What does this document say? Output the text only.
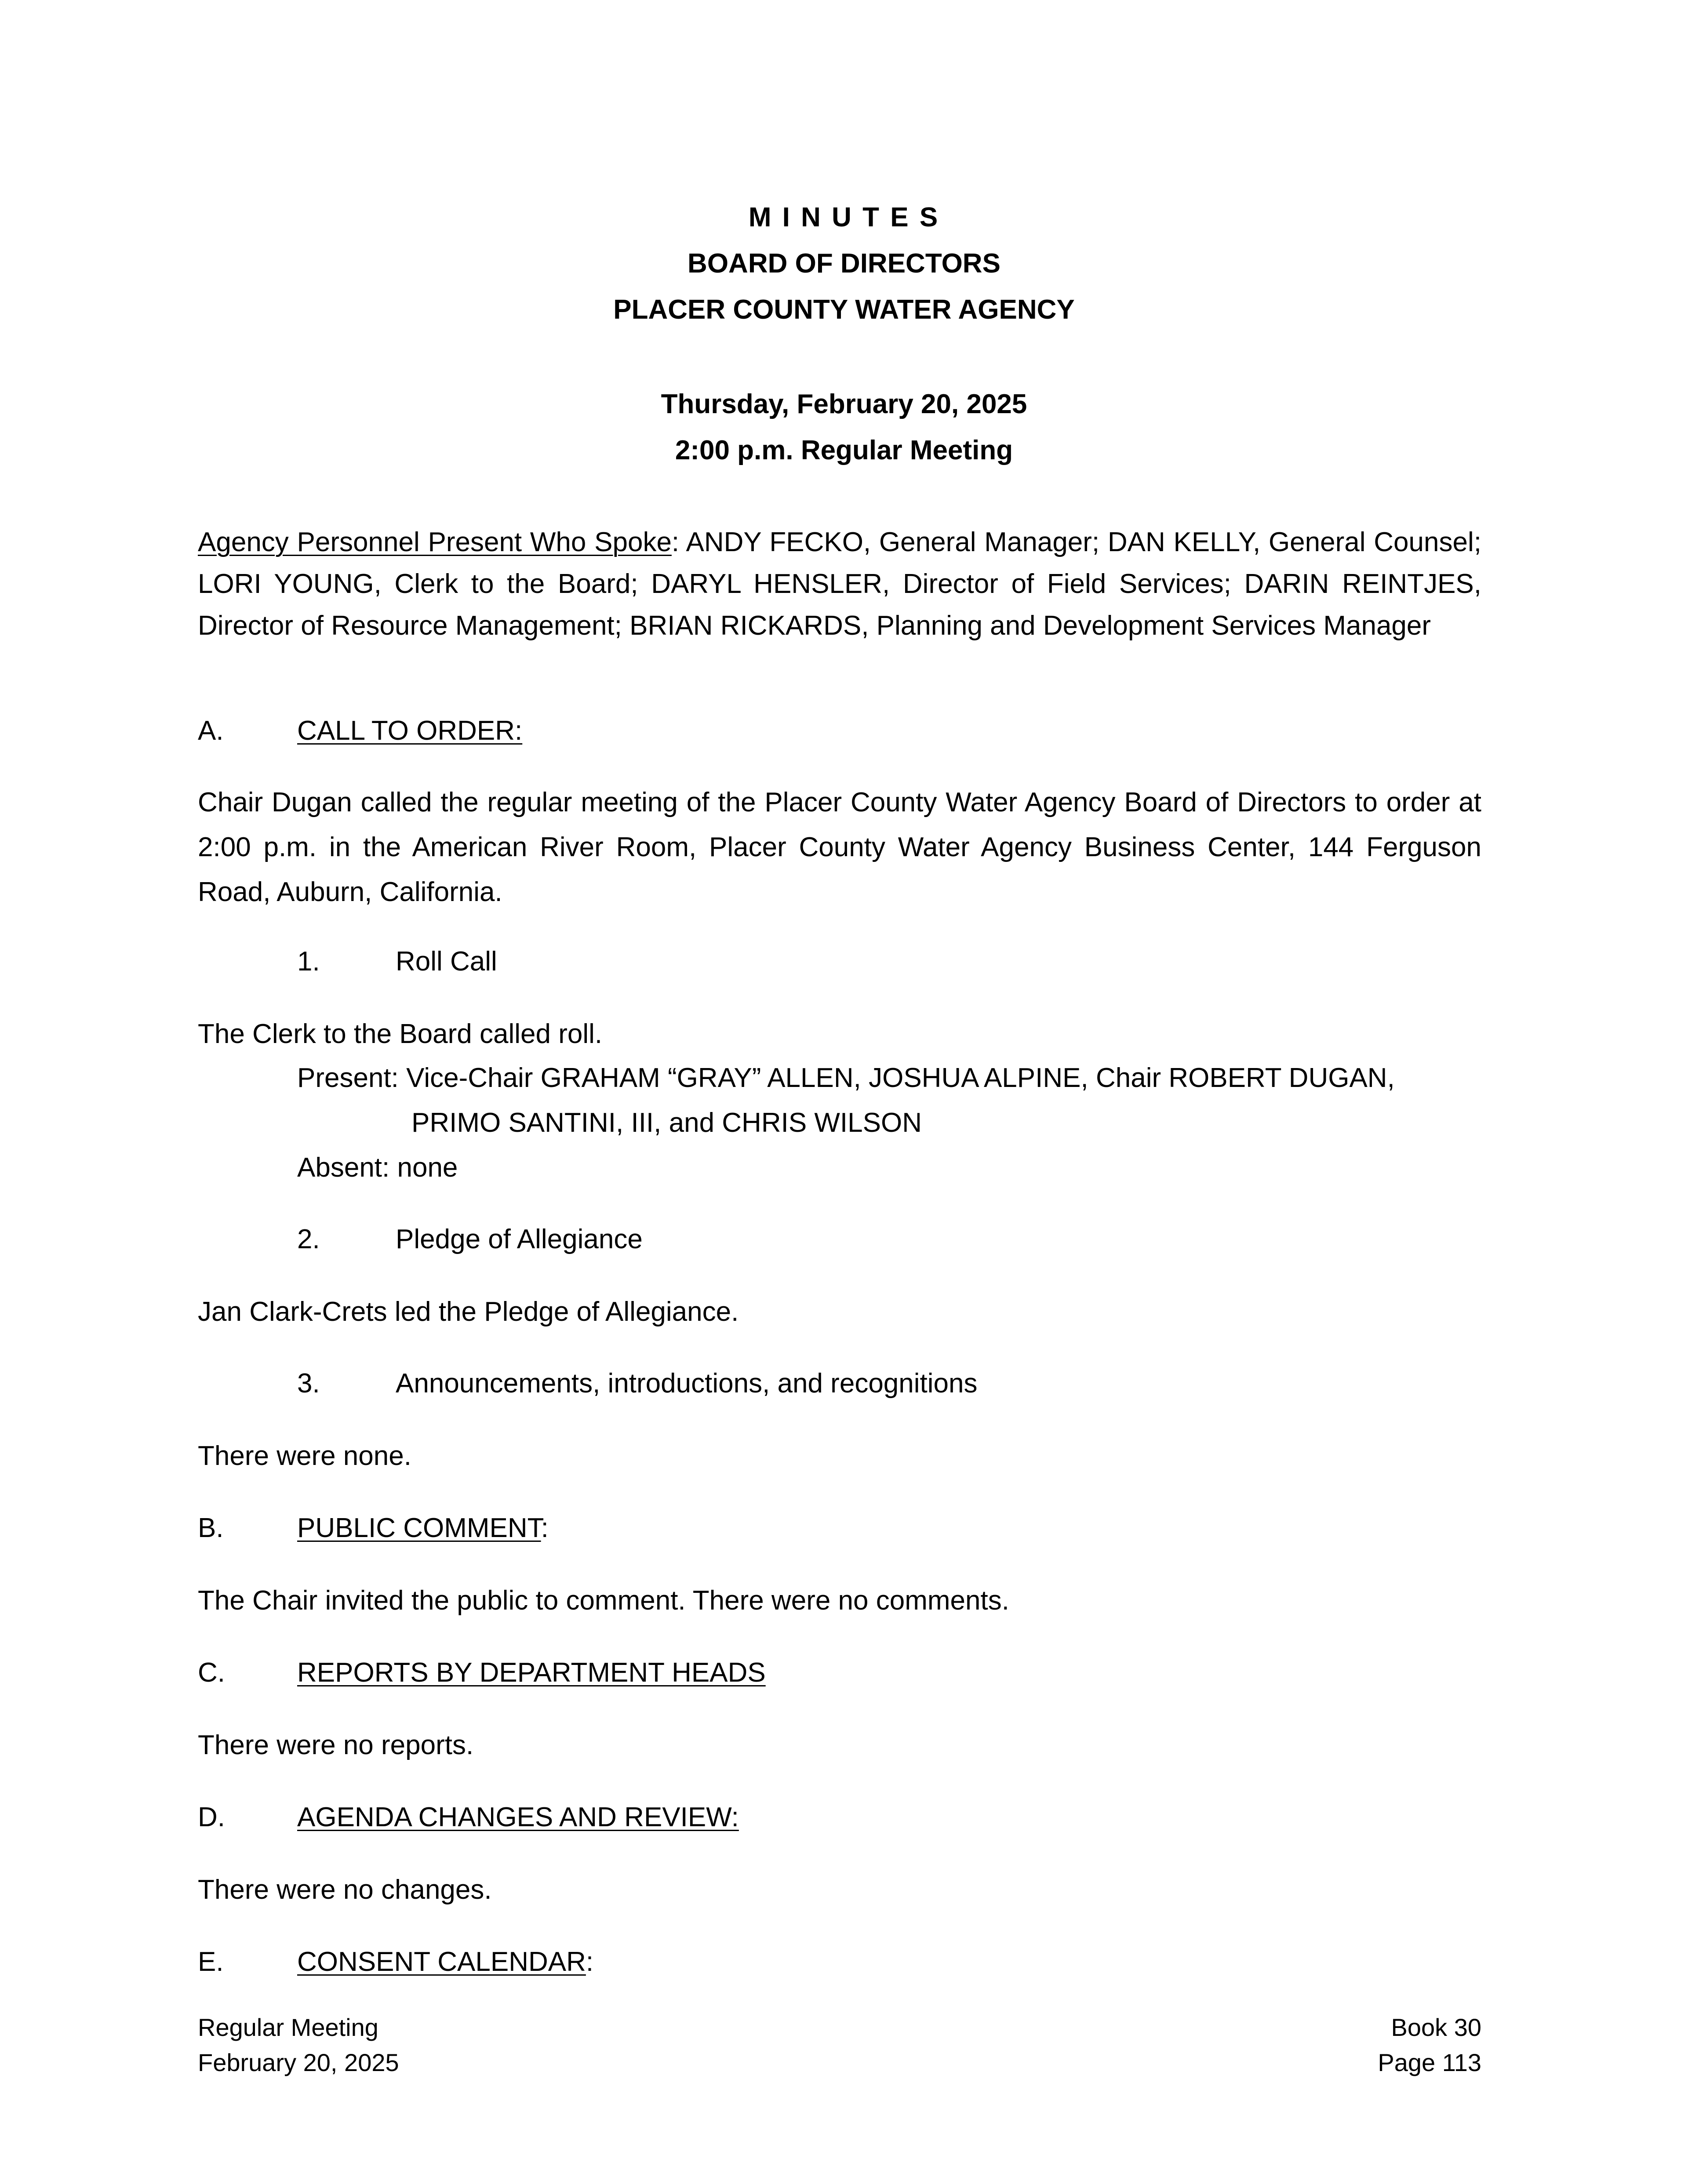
M I N U T E S
BOARD OF DIRECTORS
PLACER COUNTY WATER AGENCY
Thursday, February 20, 2025
2:00 p.m. Regular Meeting
Agency Personnel Present Who Spoke: ANDY FECKO, General Manager; DAN KELLY, General Counsel; LORI YOUNG, Clerk to the Board; DARYL HENSLER, Director of Field Services; DARIN REINTJES, Director of Resource Management; BRIAN RICKARDS, Planning and Development Services Manager
A.	CALL TO ORDER:
Chair Dugan called the regular meeting of the Placer County Water Agency Board of Directors to order at 2:00 p.m. in the American River Room, Placer County Water Agency Business Center, 144 Ferguson Road, Auburn, California.
1.	Roll Call
The Clerk to the Board called roll.
Present: Vice-Chair GRAHAM “GRAY” ALLEN, JOSHUA ALPINE, Chair ROBERT DUGAN,
PRIMO SANTINI, III, and CHRIS WILSON
Absent: none
2.	Pledge of Allegiance
Jan Clark-Crets led the Pledge of Allegiance.
3.	Announcements, introductions, and recognitions
There were none.
B.	PUBLIC COMMENT:
The Chair invited the public to comment. There were no comments.
C.	REPORTS BY DEPARTMENT HEADS
There were no reports.
D.	AGENDA CHANGES AND REVIEW:
There were no changes.
E.	CONSENT CALENDAR:
Regular Meeting
February 20, 2025
Book 30
Page 113
